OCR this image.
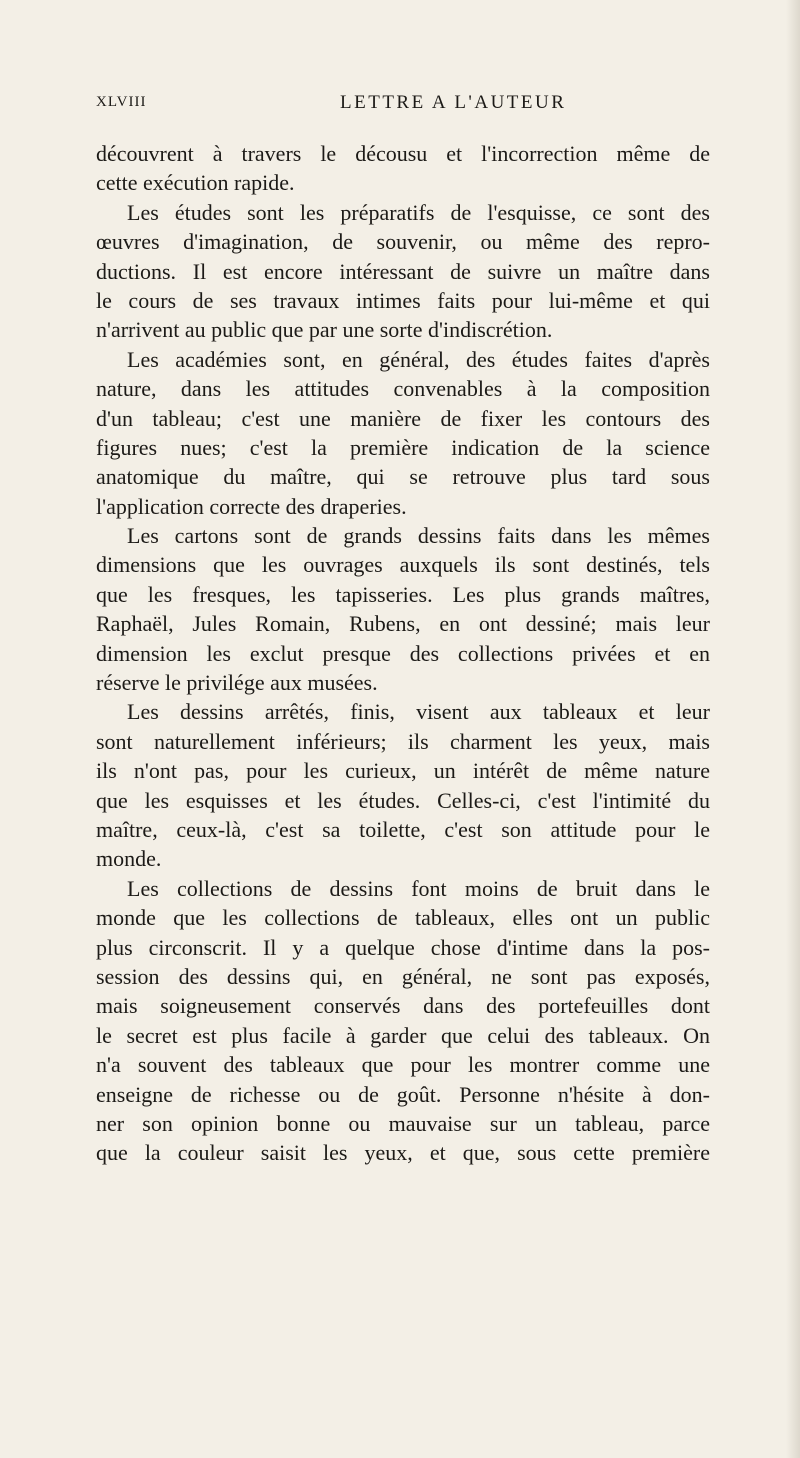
XLVIII	LETTRE A L'AUTEUR
découvrent à travers le décousu et l'incorrection même de
cette exécution rapide.
Les études sont les préparatifs de l'esquisse, ce sont des
œuvres d'imagination, de souvenir, ou même des repro-
ductions. Il est encore intéressant de suivre un maître dans
le cours de ses travaux intimes faits pour lui-même et qui
n'arrivent au public que par une sorte d'indiscrétion.
Les académies sont, en général, des études faites d'après
nature, dans les attitudes convenables à la composition
d'un tableau; c'est une manière de fixer les contours des
figures nues; c'est la première indication de la science
anatomique du maître, qui se retrouve plus tard sous
l'application correcte des draperies.
Les cartons sont de grands dessins faits dans les mêmes
dimensions que les ouvrages auxquels ils sont destinés, tels
que les fresques, les tapisseries. Les plus grands maîtres,
Raphaël, Jules Romain, Rubens, en ont dessiné; mais leur
dimension les exclut presque des collections privées et en
réserve le privilége aux musées.
Les dessins arrêtés, finis, visent aux tableaux et leur
sont naturellement inférieurs; ils charment les yeux, mais
ils n'ont pas, pour les curieux, un intérêt de même nature
que les esquisses et les études. Celles-ci, c'est l'intimité du
maître, ceux-là, c'est sa toilette, c'est son attitude pour le
monde.
Les collections de dessins font moins de bruit dans le
monde que les collections de tableaux, elles ont un public
plus circonscrit. Il y a quelque chose d'intime dans la pos-
session des dessins qui, en général, ne sont pas exposés,
mais soigneusement conservés dans des portefeuilles dont
le secret est plus facile à garder que celui des tableaux. On
n'a souvent des tableaux que pour les montrer comme une
enseigne de richesse ou de goût. Personne n'hésite à don-
ner son opinion bonne ou mauvaise sur un tableau, parce
que la couleur saisit les yeux, et que, sous cette première
